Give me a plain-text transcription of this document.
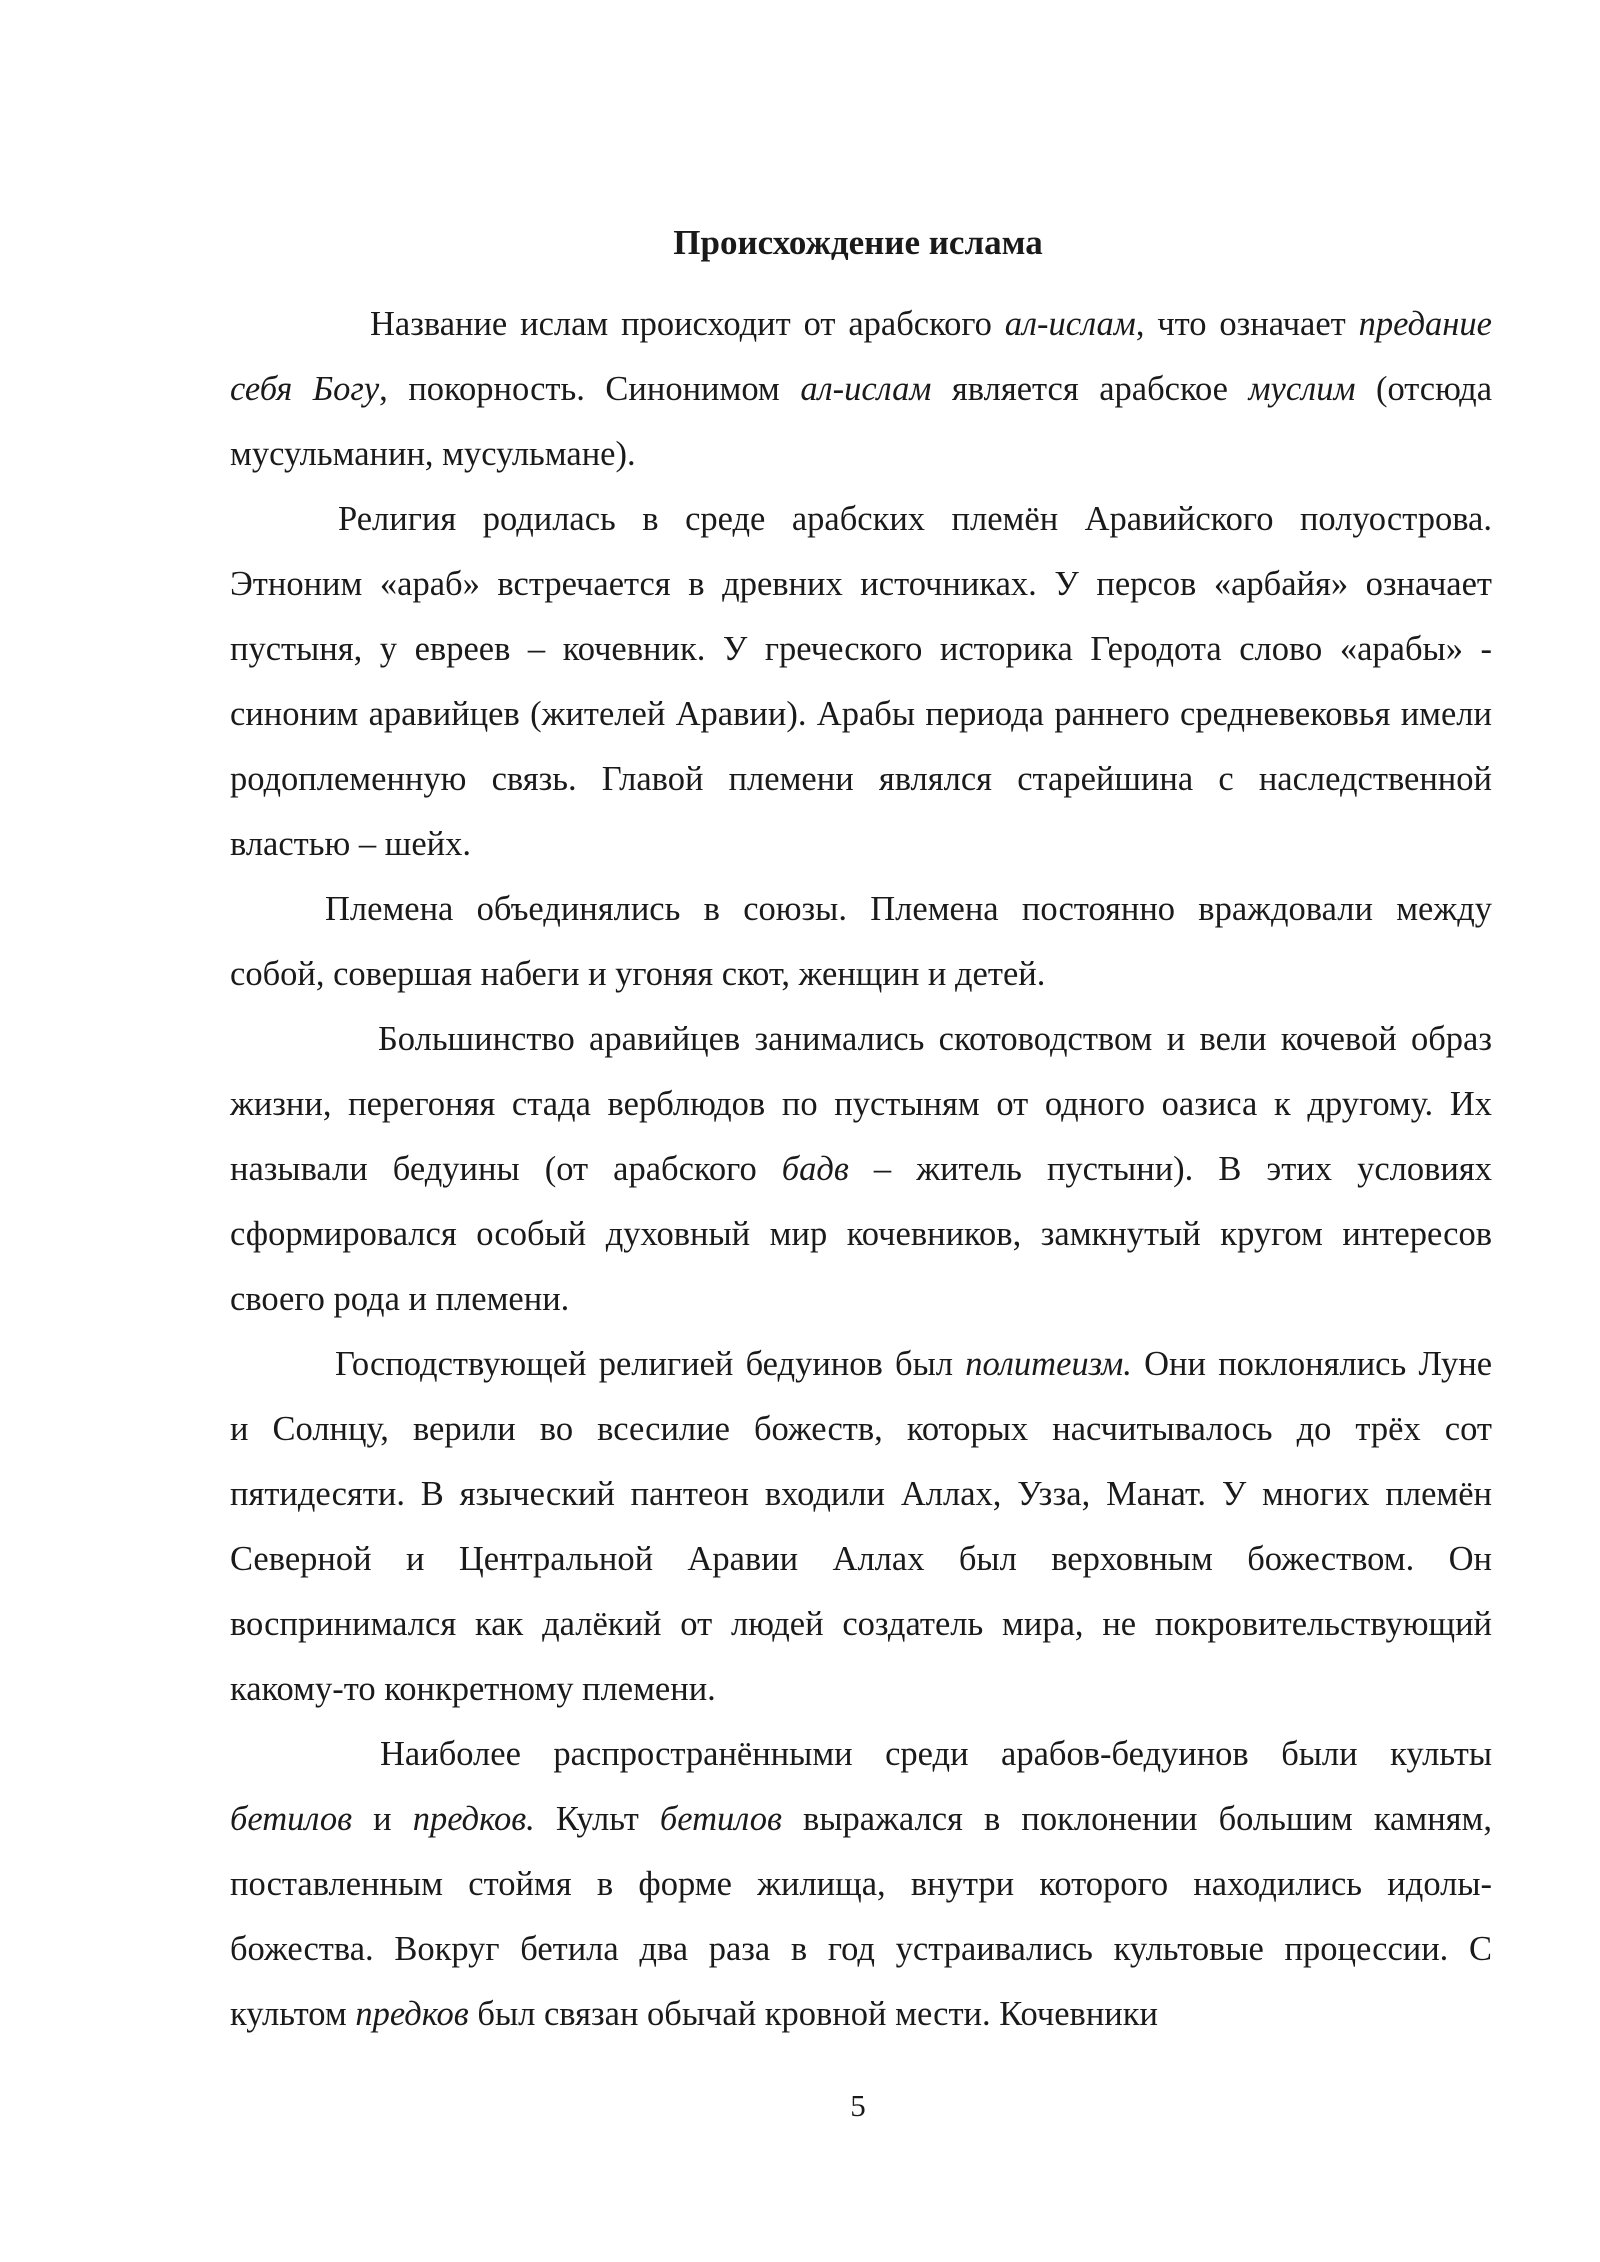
Происхождение ислама

Название ислам происходит от арабского ал-ислам, что означает предание себя Богу, покорность. Синонимом ал-ислам является арабское муслим (отсюда мусульманин, мусульмане).

Религия родилась в среде арабских племён Аравийского полуострова. Этноним «араб» встречается в древних источниках. У персов «арбайя» означает пустыня, у евреев – кочевник. У греческого историка Геродота слово «арабы» - синоним аравийцев (жителей Аравии). Арабы периода раннего средневековья имели родоплеменную связь. Главой племени являлся старейшина с наследственной властью – шейх.

Племена объединялись в союзы. Племена постоянно враждовали между собой, совершая набеги и угоняя скот, женщин и детей.

Большинство аравийцев занимались скотоводством и вели кочевой образ жизни, перегоняя стада верблюдов по пустыням от одного оазиса к другому. Их называли бедуины (от арабского бадв – житель пустыни). В этих условиях сформировался особый духовный мир кочевников, замкнутый кругом интересов своего рода и племени.

Господствующей религией бедуинов был политеизм. Они поклонялись Луне и Солнцу, верили во всесилие божеств, которых насчитывалось до трёх сот пятидесяти. В языческий пантеон входили Аллах, Узза, Манат. У многих племён Северной и Центральной Аравии Аллах был верховным божеством. Он воспринимался как далёкий от людей создатель мира, не покровительствующий какому-то конкретному племени.

Наиболее распространёнными среди арабов-бедуинов были культы бетилов и предков. Культ бетилов выражался в поклонении большим камням, поставленным стоймя в форме жилища, внутри которого находились идолы-божества. Вокруг бетила два раза в год устраивались культовые процессии. С культом предков был связан обычай кровной мести. Кочевники

5
